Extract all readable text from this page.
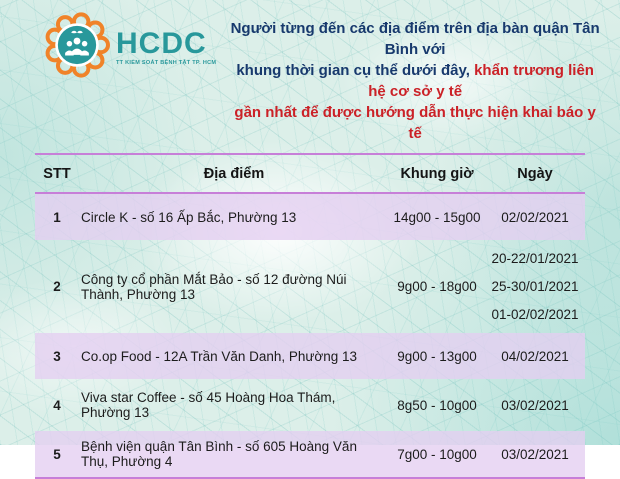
HCDC
TT KIỂM SOÁT BỆNH TẬT TP. HCM
Người từng đến các địa điểm trên địa bàn quận Tân Bình với
khung thời gian cụ thể dưới đây, khẩn trương liên hệ cơ sở y tế
gần nhất để được hướng dẫn thực hiện khai báo y tế
STT	Địa điểm	Khung giờ	Ngày
1	Circle K - số 16 Ấp Bắc, Phường 13	14g00 - 15g00	02/02/2021
2	Công ty cổ phần Mắt Bảo - số 12 đường Núi Thành, Phường 13	9g00 - 18g00
20-22/01/2021
25-30/01/2021
01-02/02/2021
3	Co.op Food - 12A Trần Văn Danh, Phường 13	9g00 - 13g00	04/02/2021
4	Viva star Coffee - số 45 Hoàng Hoa Thám, Phường 13	8g50 - 10g00	03/02/2021
5	Bệnh viện quận Tân Bình - số 605 Hoàng Văn Thụ, Phường 4	7g00 - 10g00	03/02/2021
